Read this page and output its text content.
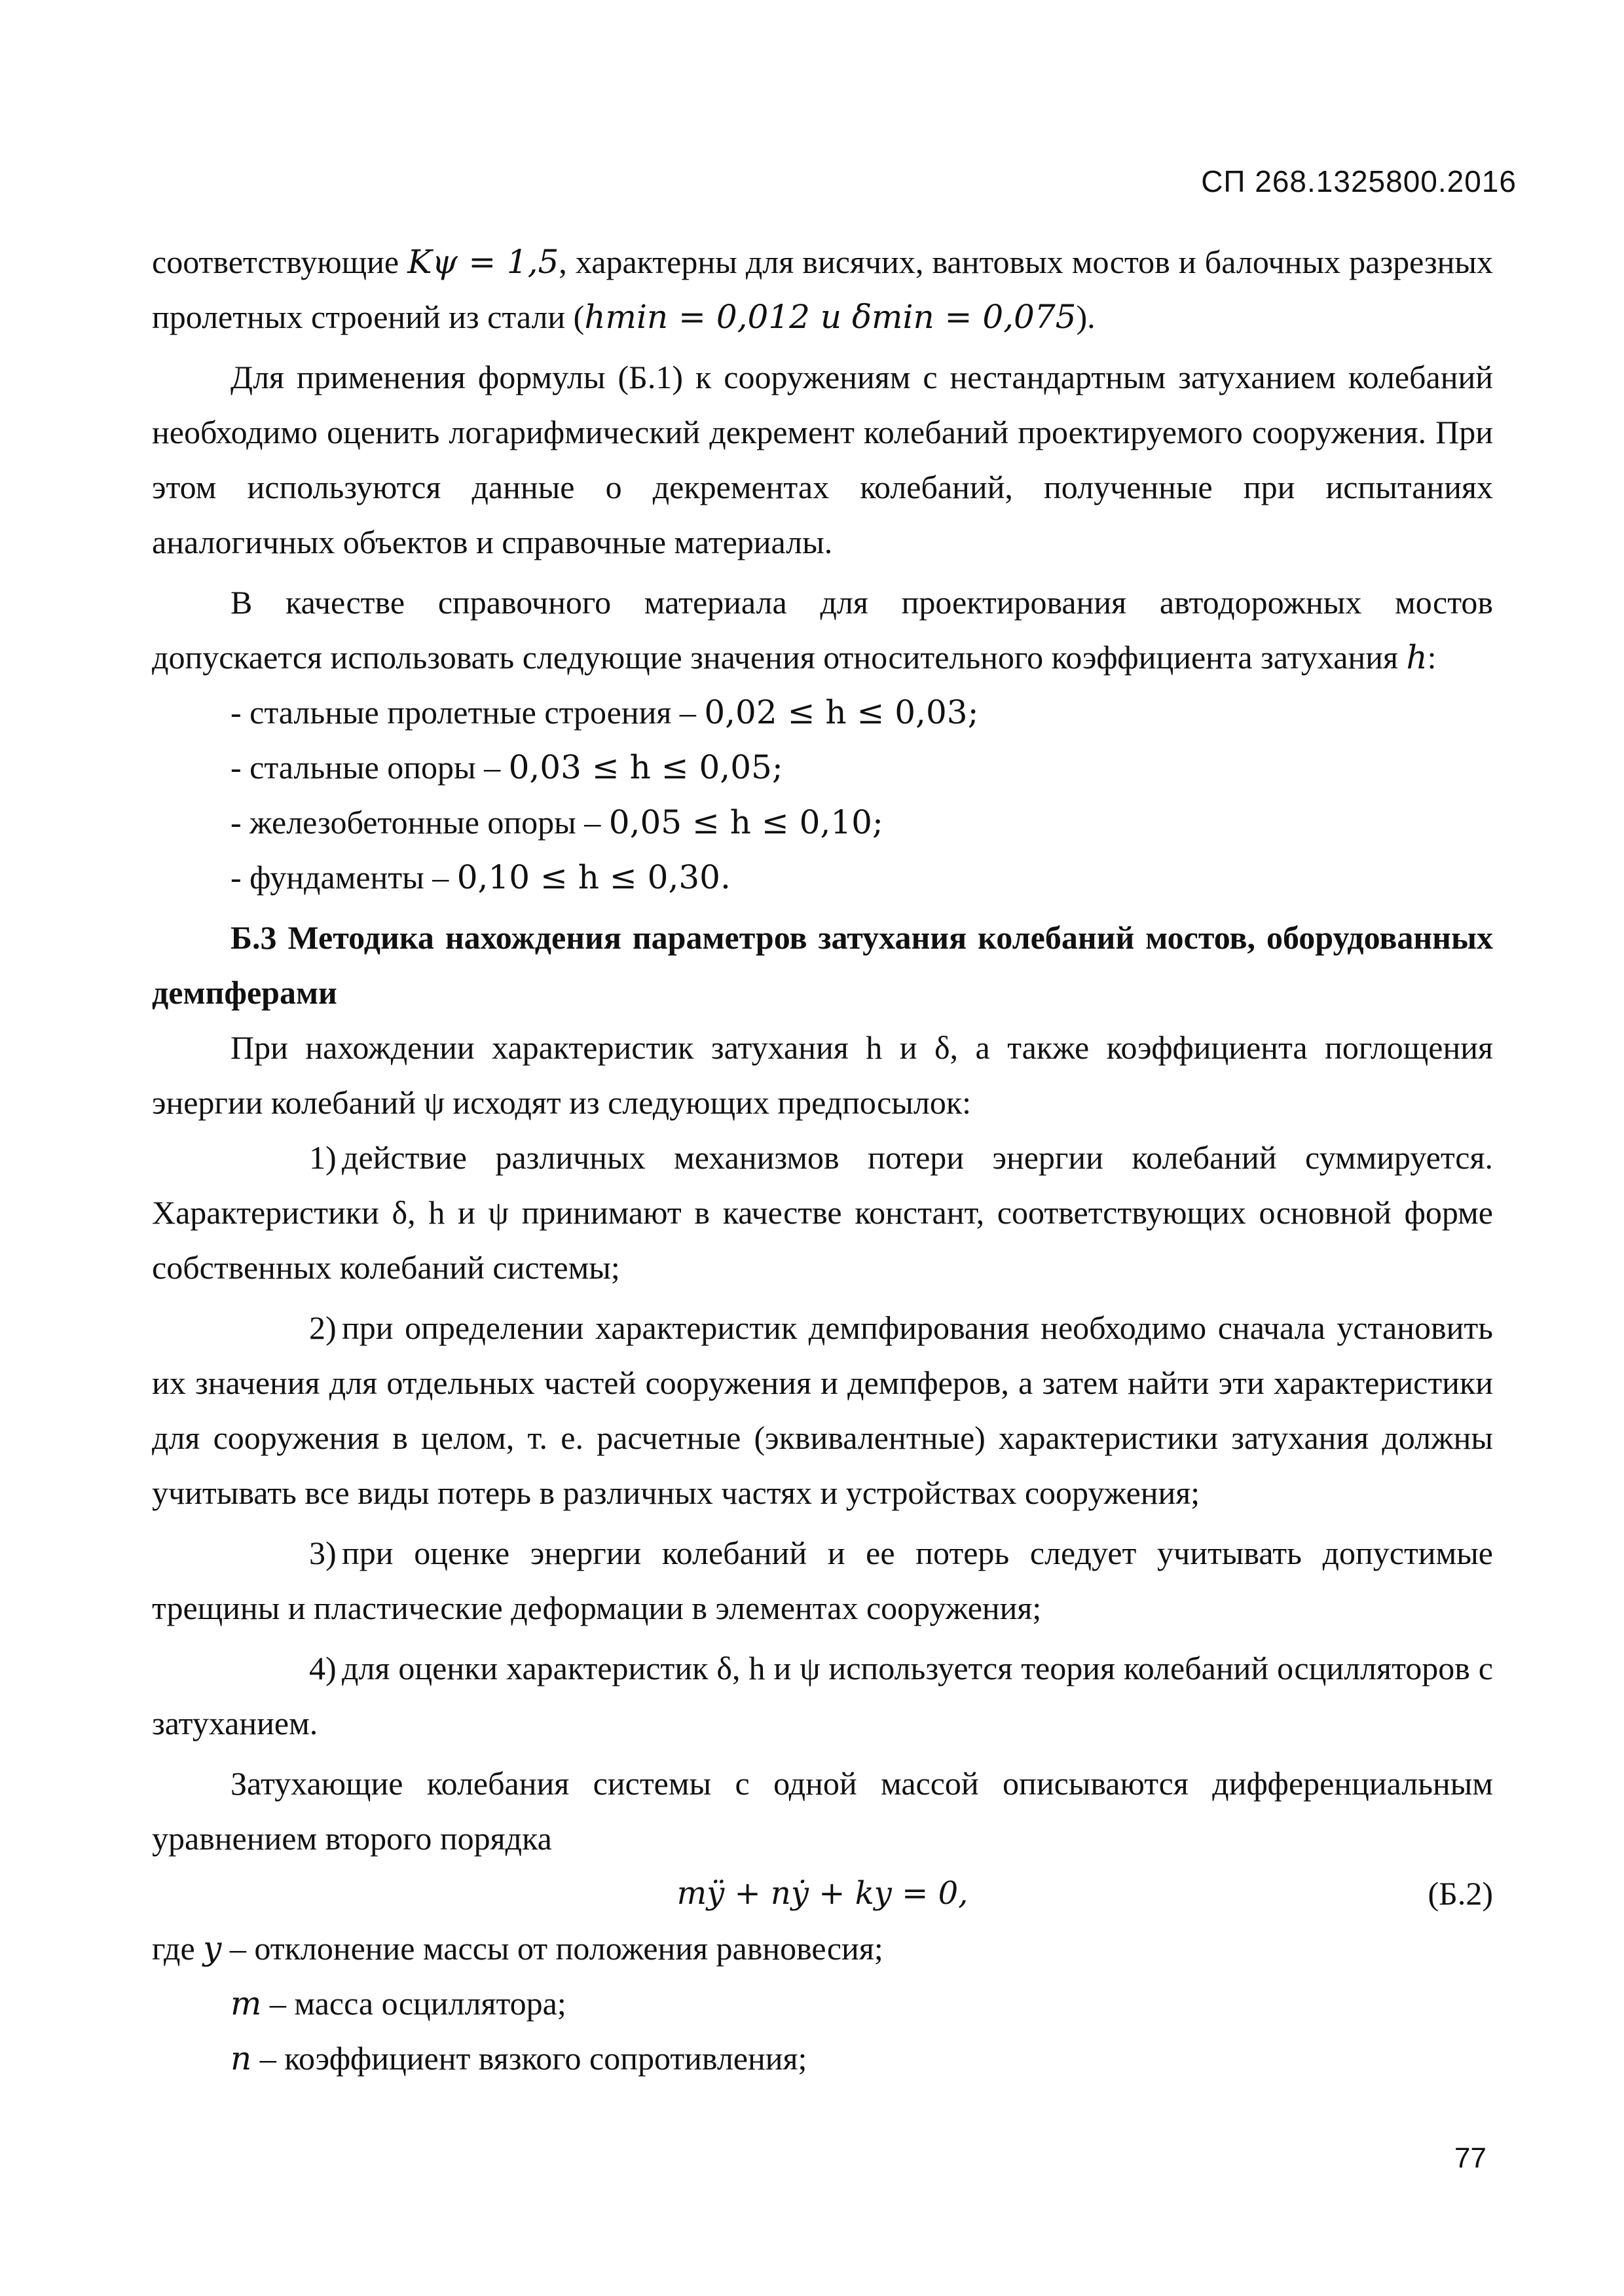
СП 268.1325800.2016

соответствующие Kψ = 1,5, характерны для висячих, вантовых мостов и балочных разрезных пролетных строений из стали (hmin = 0,012 и δmin = 0,075).

Для применения формулы (Б.1) к сооружениям с нестандартным затуханием колебаний необходимо оценить логарифмический декремент колебаний проектируемого сооружения. При этом используются данные о декрементах колебаний, полученные при испытаниях аналогичных объектов и справочные материалы.

В качестве справочного материала для проектирования автодорожных мостов допускается использовать следующие значения относительного коэффициента затухания h:

- стальные пролетные строения – 0,02 ≤ h ≤ 0,03;

- стальные опоры – 0,03 ≤ h ≤ 0,05;

- железобетонные опоры – 0,05 ≤ h ≤ 0,10;

- фундаменты – 0,10 ≤ h ≤ 0,30.

Б.3 Методика нахождения параметров затухания колебаний мостов, оборудованных демпферами

При нахождении характеристик затухания h и δ, а также коэффициента поглощения энергии колебаний ψ исходят из следующих предпосылок:

1) действие различных механизмов потери энергии колебаний суммируется. Характеристики δ, h и ψ принимают в качестве констант, соответствующих основной форме собственных колебаний системы;

2) при определении характеристик демпфирования необходимо сначала установить их значения для отдельных частей сооружения и демпферов, а затем найти эти характеристики для сооружения в целом, т. е. расчетные (эквивалентные) характеристики затухания должны учитывать все виды потерь в различных частях и устройствах сооружения;

3) при оценке энергии колебаний и ее потерь следует учитывать допустимые трещины и пластические деформации в элементах сооружения;

4) для оценки характеристик δ, h и ψ используется теория колебаний осцилляторов с затуханием.

Затухающие колебания системы с одной массой описываются дифференциальным уравнением второго порядка

mÿ + nẏ + ky = 0,	(Б.2)

где y – отклонение массы от положения равновесия;

m – масса осциллятора;

n – коэффициент вязкого сопротивления;

77
